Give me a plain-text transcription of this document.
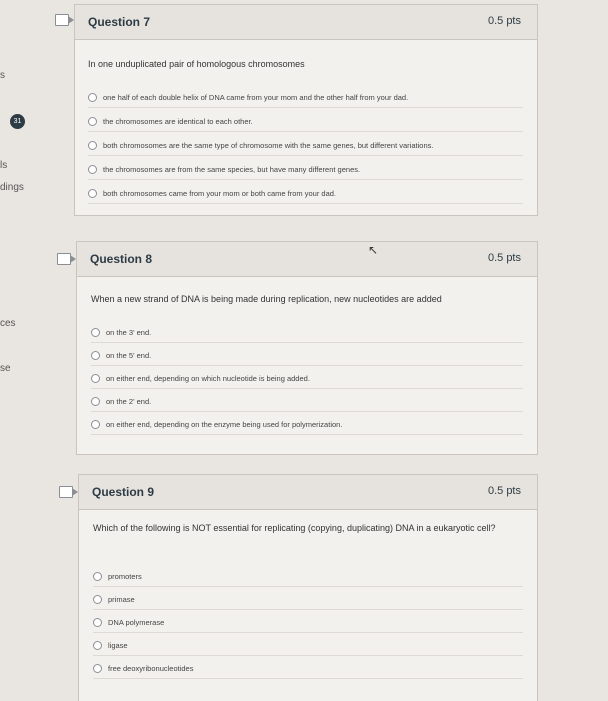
s
31
ls
dings
ces
se
Question 7	0.5 pts
In one unduplicated pair of homologous chromosomes
one half of each double helix of DNA came from your mom and the other half from your dad.
the chromosomes are identical to each other.
both chromosomes are the same type of chromosome with the same genes, but different variations.
the chromosomes are from the same species, but have many different genes.
both chromosomes came from your mom or both came from your dad.
Question 8	0.5 pts
When a new strand of DNA is being made during replication, new nucleotides are added
on the 3' end.
on the 5' end.
on either end, depending on which nucleotide is being added.
on the 2' end.
on either end, depending on the enzyme being used for polymerization.
↖
Question 9	0.5 pts
Which of the following is NOT essential for replicating (copying, duplicating) DNA in a eukaryotic cell?
promoters
primase
DNA polymerase
ligase
free deoxyribonucleotides
